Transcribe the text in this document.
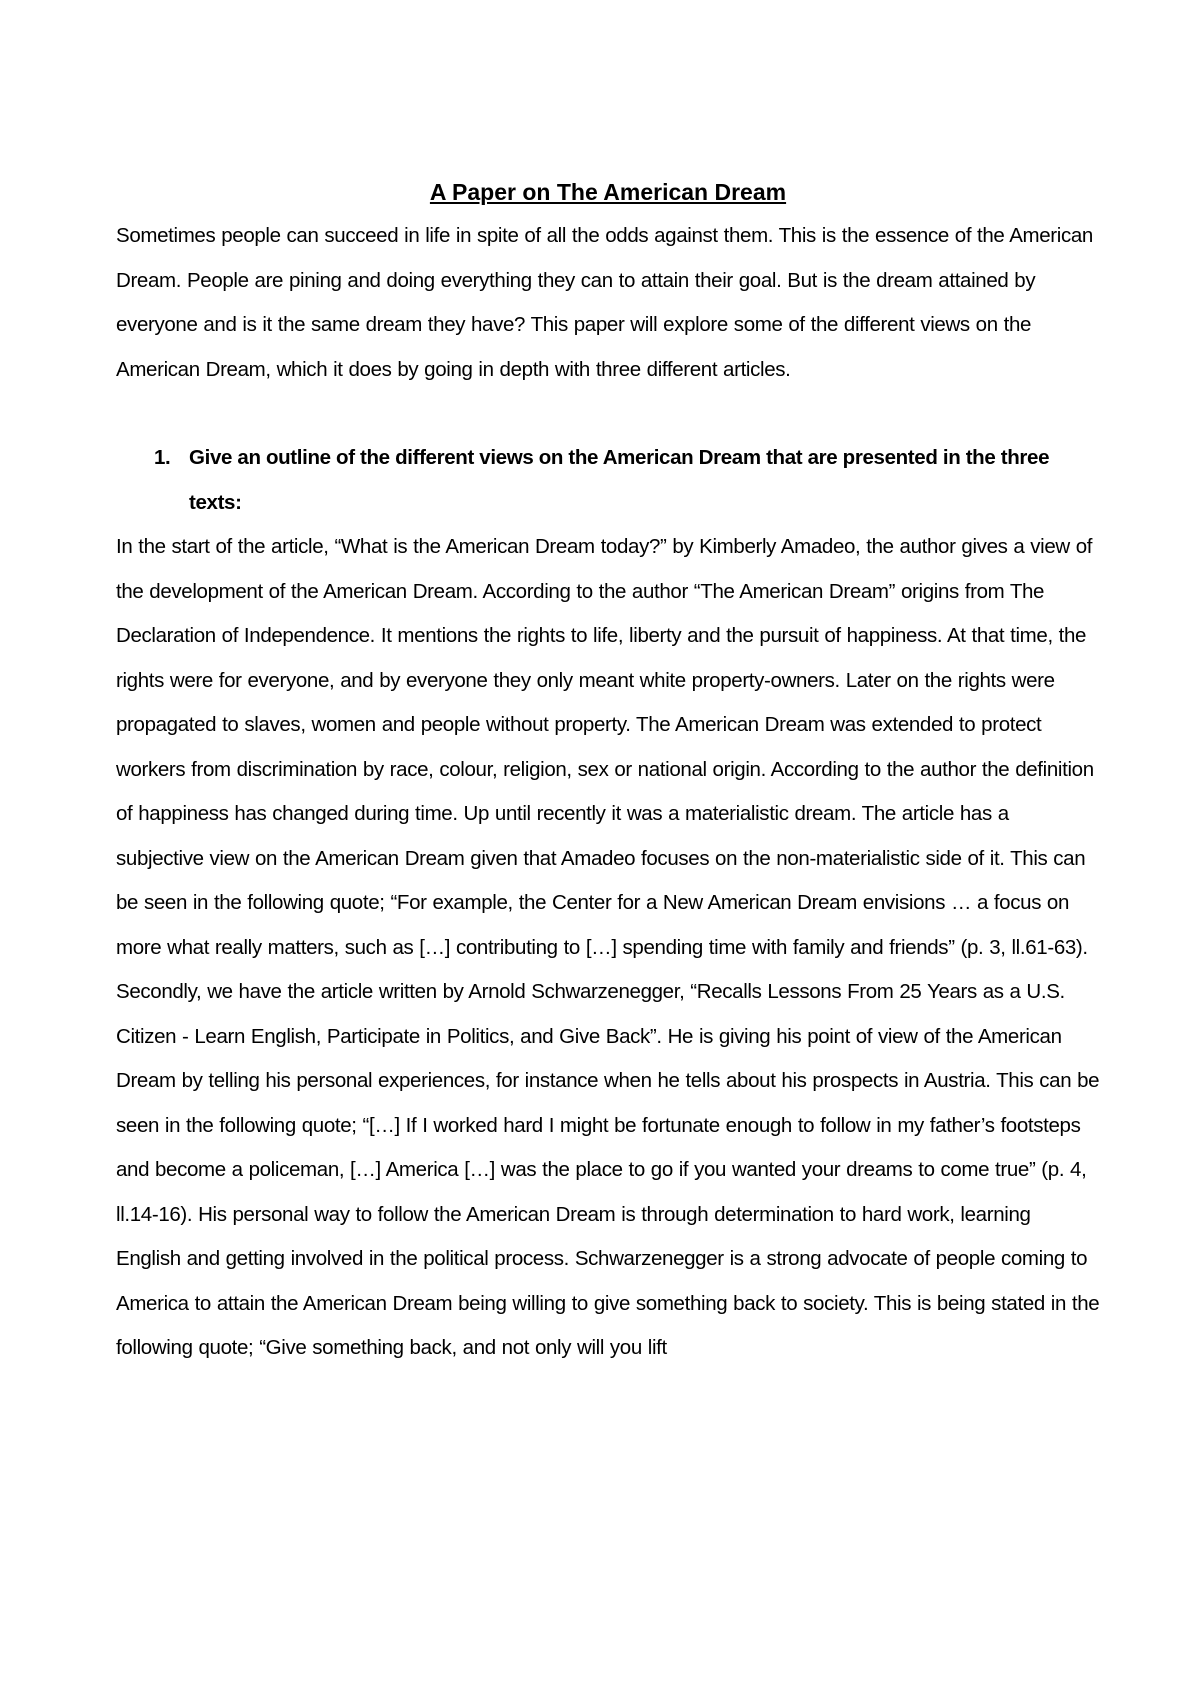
A Paper on The American Dream

Sometimes people can succeed in life in spite of all the odds against them. This is the essence of the American Dream. People are pining and doing everything they can to attain their goal. But is the dream attained by everyone and is it the same dream they have? This paper will explore some of the different views on the American Dream, which it does by going in depth with three different articles.

1. Give an outline of the different views on the American Dream that are presented in the three texts:

In the start of the article, “What is the American Dream today?” by Kimberly Amadeo, the author gives a view of the development of the American Dream. According to the author “The American Dream” origins from The Declaration of Independence. It mentions the rights to life, liberty and the pursuit of happiness. At that time, the rights were for everyone, and by everyone they only meant white property-owners. Later on the rights were propagated to slaves, women and people without property. The American Dream was extended to protect workers from discrimination by race, colour, religion, sex or national origin. According to the author the definition of happiness has changed during time. Up until recently it was a materialistic dream. The article has a subjective view on the American Dream given that Amadeo focuses on the non-materialistic side of it. This can be seen in the following quote; “For example, the Center for a New American Dream envisions … a focus on more what really matters, such as […] contributing to […] spending time with family and friends” (p. 3, ll.61-63). Secondly, we have the article written by Arnold Schwarzenegger, “Recalls Lessons From 25 Years as a U.S. Citizen - Learn English, Participate in Politics, and Give Back”. He is giving his point of view of the American Dream by telling his personal experiences, for instance when he tells about his prospects in Austria. This can be seen in the following quote; “[…] If I worked hard I might be fortunate enough to follow in my father’s footsteps and become a policeman, […] America […] was the place to go if you wanted your dreams to come true” (p. 4, ll.14-16). His personal way to follow the American Dream is through determination to hard work, learning English and getting involved in the political process. Schwarzenegger is a strong advocate of people coming to America to attain the American Dream being willing to give something back to society. This is being stated in the following quote; “Give something back, and not only will you lift
